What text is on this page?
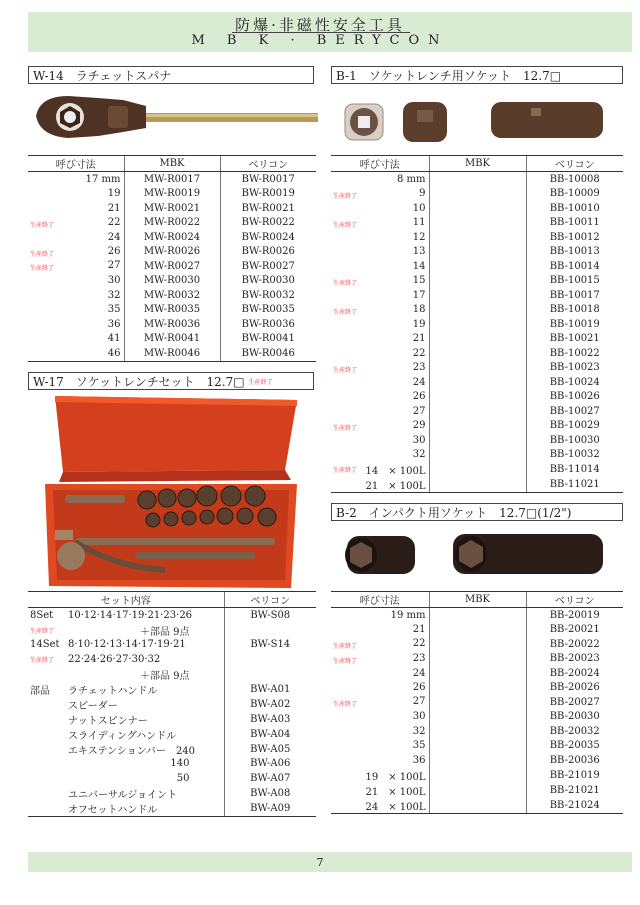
防爆·非磁性安全工具
M B K · BERYCON
W-14　ラチェットスパナ
呼び寸法	MBK	ベリコン
17 mm	MW-R0017	BW-R0017
19	MW-R0019	BW-R0019
21	MW-R0021	BW-R0021

生産終了 22	MW-R0022	BW-R0022
24	MW-R0024	BW-R0024

生産終了 26	MW-R0026	BW-R0026

生産終了 27	MW-R0027	BW-R0027
30	MW-R0030	BW-R0030
32	MW-R0032	BW-R0032
35	MW-R0035	BW-R0035
36	MW-R0036	BW-R0036
41	MW-R0041	BW-R0041
46	MW-R0046	BW-R0046
W-17　ソケットレンチセット　12.7□ 生産終了
セット内容		ベリコン
8Set	10·12·14·17·19·21·23·26	BW-S08
生産終了	＋部品 9点	
14Set	8·10·12·13·14·17·19·21	BW-S14
生産終了	22·24·26·27·30·32	
	＋部品 9点	
部品	ラチェットハンドル	BW-A01
	スピーダー	BW-A02
	ナットスピンナー	BW-A03
	スライディングハンドル	BW-A04
	エキステンションバー　240	BW-A05
	140	BW-A06
	50	BW-A07
	ユニバーサルジョイント	BW-A08
	オフセットハンドル	BW-A09
B-1　ソケットレンチ用ソケット　12.7□
呼び寸法	MBK	ベリコン
8 mm		BB-10008

生産終了 9		BB-10009
10		BB-10010

生産終了 11		BB-10011
12		BB-10012
13		BB-10013
14		BB-10014

生産終了 15		BB-10015
17		BB-10017

生産終了 18		BB-10018
19		BB-10019
21		BB-10021
22		BB-10022

生産終了 23		BB-10023
24		BB-10024
26		BB-10026
27		BB-10027

生産終了 29		BB-10029
30		BB-10030
32		BB-10032

生産終了 14　× 100L		BB-11014
21　× 100L		BB-11021
B-2　インパクト用ソケット　12.7□(1/2")
呼び寸法	MBK	ベリコン
19 mm		BB-20019
21		BB-20021

生産終了 22		BB-20022

生産終了 23		BB-20023
24		BB-20024
26		BB-20026

生産終了 27		BB-20027
30		BB-20030
32		BB-20032
35		BB-20035
36		BB-20036
19　× 100L		BB-21019
21　× 100L		BB-21021
24　× 100L		BB-21024
7
